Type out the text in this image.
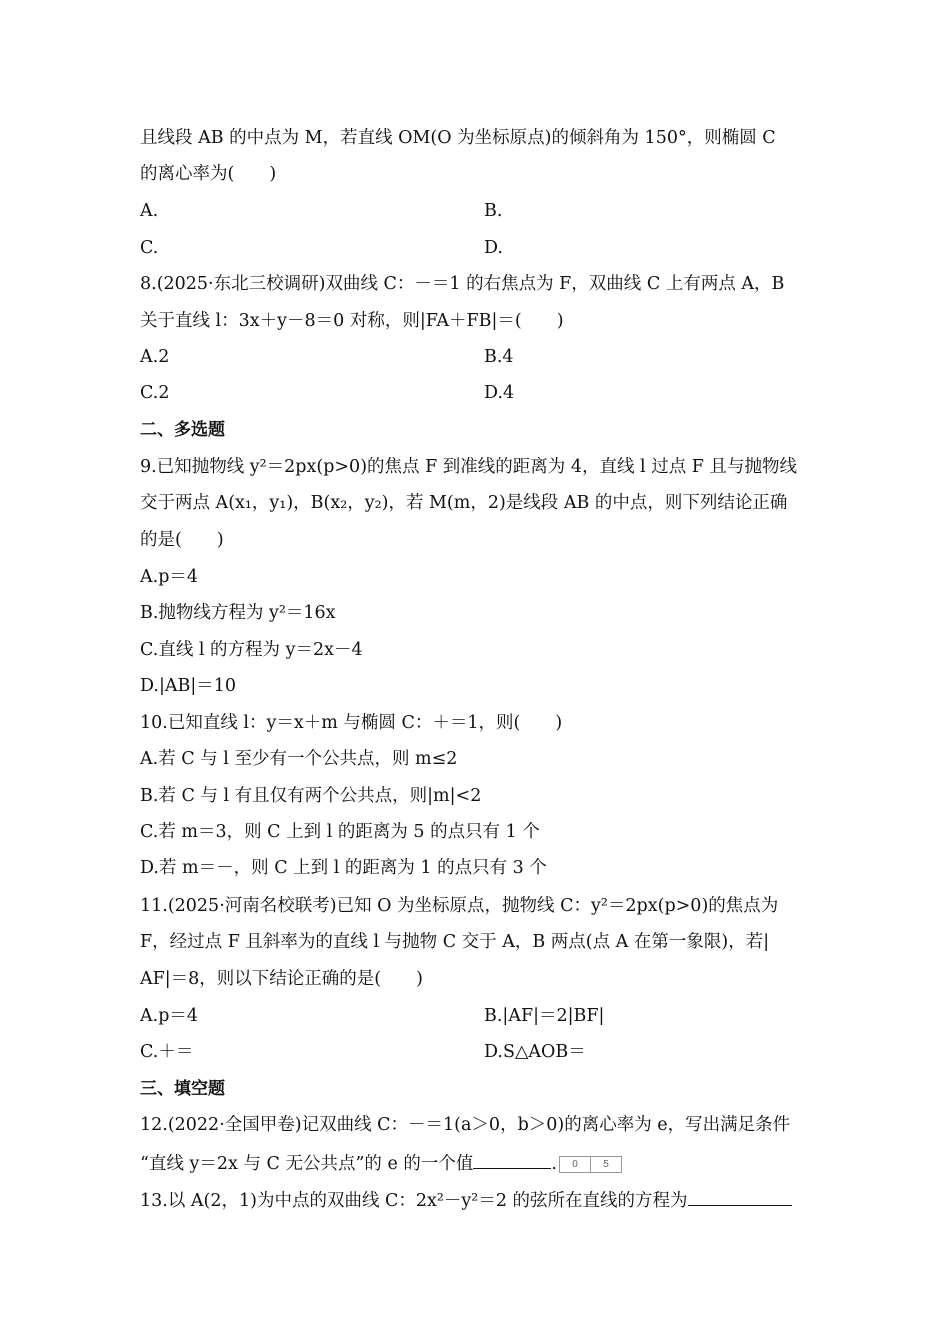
且线段 AB 的中点为 M，若直线 OM(O 为坐标原点)的倾斜角为 150°，则椭圆 C
的离心率为(　　)
A.	B.
C.	D.
8.(2025·东北三校调研)双曲线 C：－＝1 的右焦点为 F，双曲线 C 上有两点 A，B
关于直线 l：3x＋y－8＝0 对称，则|FA＋FB|＝(　　)
A.2	B.4
C.2	D.4
二、多选题
9.已知抛物线 y²＝2px(p>0)的焦点 F 到准线的距离为 4，直线 l 过点 F 且与抛物线
交于两点 A(x₁，y₁)，B(x₂，y₂)，若 M(m，2)是线段 AB 的中点，则下列结论正确
的是(　　)
A.p＝4
B.抛物线方程为 y²＝16x
C.直线 l 的方程为 y＝2x－4
D.|AB|＝10
10.已知直线 l：y＝x＋m 与椭圆 C：＋＝1，则(　　)
A.若 C 与 l 至少有一个公共点，则 m≤2
B.若 C 与 l 有且仅有两个公共点，则|m|<2
C.若 m＝3，则 C 上到 l 的距离为 5 的点只有 1 个
D.若 m＝－，则 C 上到 l 的距离为 1 的点只有 3 个
11.(2025·河南名校联考)已知 O 为坐标原点，抛物线 C：y²＝2px(p>0)的焦点为
F，经过点 F 且斜率为的直线 l 与抛物 C 交于 A，B 两点(点 A 在第一象限)，若|
AF|＝8，则以下结论正确的是(　　)
A.p＝4	B.|AF|＝2|BF|
C.＋＝	D.S△AOB＝
三、填空题
12.(2022·全国甲卷)记双曲线 C：－＝1(a＞0，b＞0)的离心率为 e，写出满足条件
“直线 y＝2x 与 C 无公共点”的 e 的一个值	.	0	5
13.以 A(2，1)为中点的双曲线 C：2x²－y²＝2 的弦所在直线的方程为
